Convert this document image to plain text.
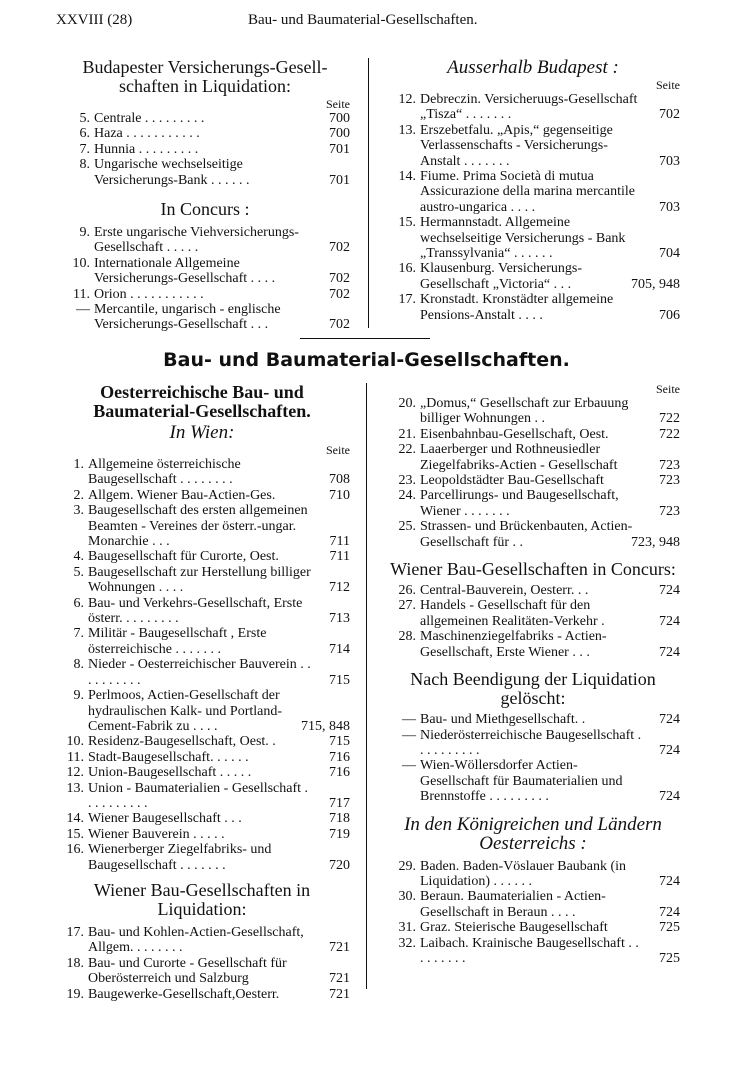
XXVIII (28)	Bau- und Baumaterial-Gesellschaften.
Budapester Versicherungs-Gesell-schaften in Liquidation:
Seite
5. Centrale . . . . . . . . .	700
6. Haza . . . . . . . . . . .	700
7. Hunnia . . . . . . . . .	701
8. Ungarische wechselseitige Versicherungs-Bank . . . . . .	701
In Concurs :
9. Erste ungarische Viehversicherungs-Gesellschaft . . . . .	702
10. Internationale Allgemeine Versicherungs-Gesellschaft . . . .	702
11. Orion . . . . . . . . . . .	702
— Mercantile, ungarisch - englische Versicherungs-Gesellschaft . . .	702
Ausserhalb Budapest :
Seite
12. Debreczin. Versicheruugs-Gesellschaft „Tisza“ . . . . . . .	702
13. Erszebetfalu. „Apis,“ gegenseitige Verlassenschafts - Versicherungs-Anstalt . . . . . . .	703
14. Fiume. Prima Società di mutua Assicurazione della marina mercantile austro-ungarica . . . .	703
15. Hermannstadt. Allgemeine wechselseitige Versicherungs - Bank „Transsylvania“ . . . . . .	704
16. Klausenburg. Versicherungs-Gesellschaft „Victoria“ . . .	705, 948
17. Kronstadt. Kronstädter allgemeine Pensions-Anstalt . . . .	706
Bau- und Baumaterial-Gesellschaften.
Oesterreichische Bau- und Baumaterial-Gesellschaften.
In Wien:
Seite
1. Allgemeine österreichische Baugesellschaft . . . . . . . .	708
2. Allgem. Wiener Bau-Actien-Ges.	710
3. Baugesellschaft des ersten allgemeinen Beamten - Vereines der österr.-ungar. Monarchie . . .	711
4. Baugesellschaft für Curorte, Oest.	711
5. Baugesellschaft zur Herstellung billiger Wohnungen . . . .	712
6. Bau- und Verkehrs-Gesellschaft, Erste österr. . . . . . . . .	713
7. Militär - Baugesellschaft , Erste österreichische . . . . . . .	714
8. Nieder - Oesterreichischer Bauverein . . . . . . . . . .	715
9. Perlmoos, Actien-Gesellschaft der hydraulischen Kalk- und Portland-Cement-Fabrik zu . . . .	715, 848
10. Residenz-Baugesellschaft, Oest. .	715
11. Stadt-Baugesellschaft. . . . . .	716
12. Union-Baugesellschaft . . . . .	716
13. Union - Baumaterialien - Gesellschaft . . . . . . . . . .	717
14. Wiener Baugesellschaft . . .	718
15. Wiener Bauverein . . . . .	719
16. Wienerberger Ziegelfabriks- und Baugesellschaft . . . . . . .	720
Wiener Bau-Gesellschaften in Liquidation:
17. Bau- und Kohlen-Actien-Gesellschaft, Allgem. . . . . . . .	721
18. Bau- und Curorte - Gesellschaft für Oberösterreich und Salzburg	721
19. Baugewerke-Gesellschaft,Oesterr.	721
Seite
20. „Domus,“ Gesellschaft zur Erbauung billiger Wohnungen . .	722
21. Eisenbahnbau-Gesellschaft, Oest.	722
22. Laaerberger und Rothneusiedler Ziegelfabriks-Actien - Gesellschaft	723
23. Leopoldstädter Bau-Gesellschaft	723
24. Parcellirungs- und Baugesellschaft, Wiener . . . . . . .	723
25. Strassen- und Brückenbauten, Actien-Gesellschaft für . .	723, 948
Wiener Bau-Gesellschaften in Concurs:
26. Central-Bauverein, Oesterr. . .	724
27. Handels - Gesellschaft für den allgemeinen Realitäten-Verkehr .	724
28. Maschinenziegelfabriks - Actien-Gesellschaft, Erste Wiener . . .	724
Nach Beendigung der Liquidation gelöscht:
— Bau- und Miethgesellschaft. .	724
— Niederösterreichische Baugesellschaft . . . . . . . . . .	724
— Wien-Wöllersdorfer Actien-Gesellschaft für Baumaterialien und Brennstoffe . . . . . . . . .	724
In den Königreichen und Ländern Oesterreichs :
29. Baden. Baden-Vöslauer Baubank (in Liquidation) . . . . . .	724
30. Beraun. Baumaterialien - Actien-Gesellschaft in Beraun . . . .	724
31. Graz. Steierische Baugesellschaft	725
32. Laibach. Krainische Baugesellschaft . . . . . . . . .	725
